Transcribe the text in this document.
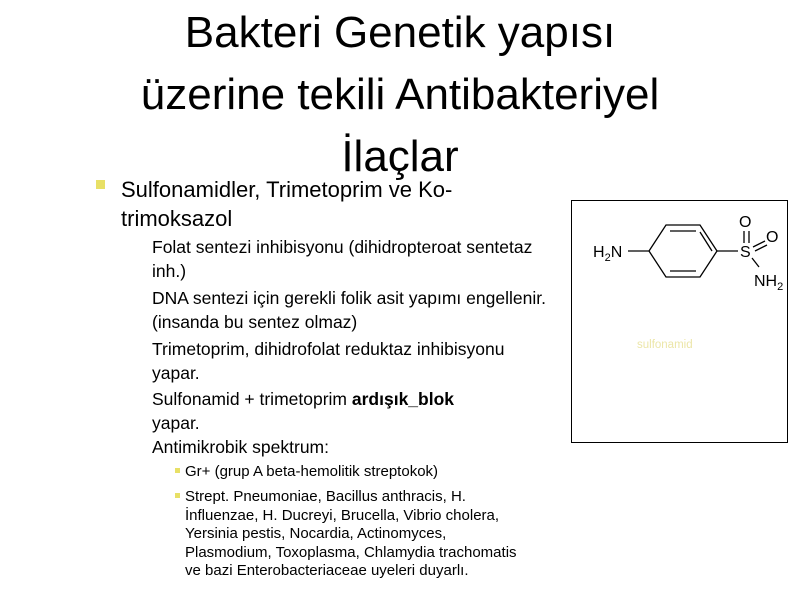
Bakteri Genetik yapısı
üzerine tekili Antibakteriyel
İlaçlar
Sulfonamidler, Trimetoprim ve Ko-trimoksazol
Folat sentezi inhibisyonu (dihidropteroat sentetaz inh.)
DNA sentezi için gerekli folik asit yapımı engellenir. (insanda bu sentez olmaz)
Trimetoprim, dihidrofolat reduktaz inhibisyonu yapar.
Sulfonamid + trimetoprim ardışık_blok
yapar.
Antimikrobik spektrum:
Gr+ (grup A beta-hemolitik streptokok)
Strept. Pneumoniae, Bacillus anthracis, H. İnfluenzae, H. Ducreyi, Brucella, Vibrio cholera, Yersinia pestis, Nocardia, Actinomyces, Plasmodium, Toxoplasma, Chlamydia trachomatis ve bazi Enterobacteriaceae uyeleri duyarlı.
$H_2N$	S
O
O
$NH_2$
sulfonamid
